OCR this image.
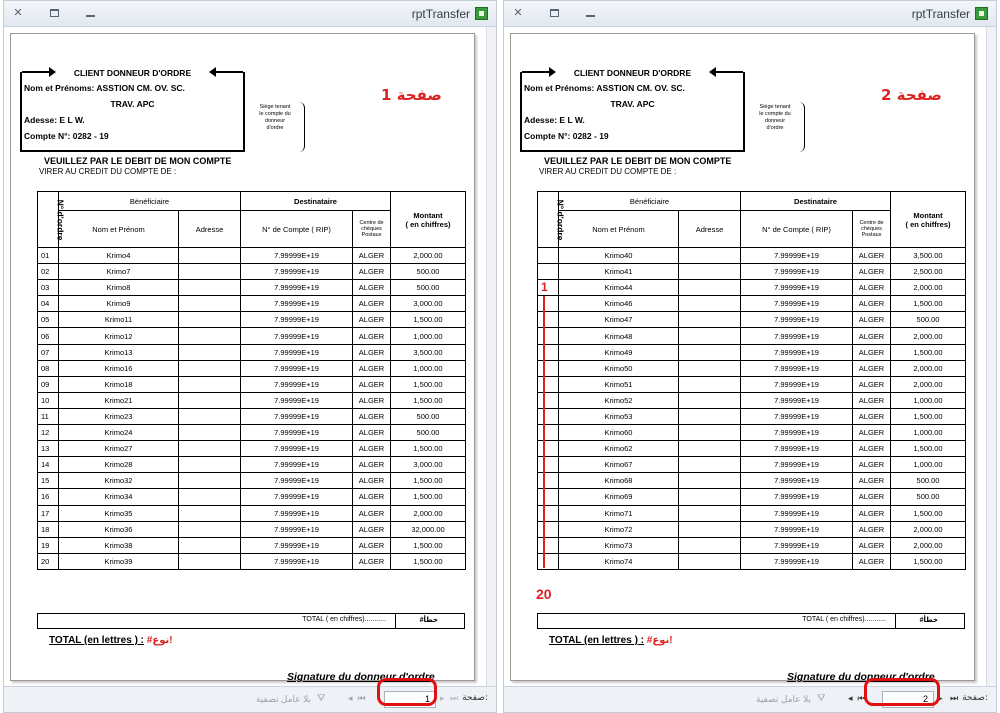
✕	rptTransfer
CLIENT DONNEUR D'ORDRE
Nom et Prénoms: ASSTION CM. OV. SC.
TRAV. APC
Adesse: E L W.
Compte N°: 0282 - 19
Siège tenant le compte du donneur d'ordre
صفحة 1
VEUILLEZ PAR LE DEBIT DE MON COMPTE
VIRER AU CREDIT DU COMPTE DE :
N° d'ordre	Bénéficiaire		Destinataire		Montant
( en chiffres)
	Nom et Prénom	Adresse	N° de Compte ( RIP)	Centre de chèques Postaux	
01	Krimo4		7.99999E+19	ALGER	2,000.00
02	Krimo7		7.99999E+19	ALGER	500.00
03	Krimo8		7.99999E+19	ALGER	500.00
04	Krimo9		7.99999E+19	ALGER	3,000.00
05	Krimo11		7.99999E+19	ALGER	1,500.00
06	Krimo12		7.99999E+19	ALGER	1,000.00
07	Krimo13		7.99999E+19	ALGER	3,500.00
08	Krimo16		7.99999E+19	ALGER	1,000.00
09	Krimo18		7.99999E+19	ALGER	1,500.00
10	Krimo21		7.99999E+19	ALGER	1,500.00
11	Krimo23		7.99999E+19	ALGER	500.00
12	Krimo24		7.99999E+19	ALGER	500.00
13	Krimo27		7.99999E+19	ALGER	1,500.00
14	Krimo28		7.99999E+19	ALGER	3,000.00
15	Krimo32		7.99999E+19	ALGER	1,500.00
16	Krimo34		7.99999E+19	ALGER	1,500.00
17	Krimo35		7.99999E+19	ALGER	2,000.00
18	Krimo36		7.99999E+19	ALGER	32,000.00
19	Krimo38		7.99999E+19	ALGER	1,500.00
20	Krimo39		7.99999E+19	ALGER	1,500.00
TOTAL ( en chiffres)...........	#خطأ
TOTAL (en lettres ) : #نوع!
Signature du donneur d'ordre
بلا عامل تصفية ⛛	◂  ⏮	1	▸ ⏭ صفحة:
✕	rptTransfer
CLIENT DONNEUR D'ORDRE
Nom et Prénoms: ASSTION CM. OV. SC.
TRAV. APC
Adesse: E L W.
Compte N°: 0282 - 19
Siège tenant le compte du donneur d'ordre
صفحة 2
VEUILLEZ PAR LE DEBIT DE MON COMPTE
VIRER AU CREDIT DU COMPTE DE :
N° d'ordre	Bénéficiaire		Destinataire		Montant
( en chiffres)
	Nom et Prénom	Adresse	N° de Compte ( RIP)	Centre de chèques Postaux	
	Krimo40		7.99999E+19	ALGER	3,500.00
	Krimo41		7.99999E+19	ALGER	2,500.00
	Krimo44		7.99999E+19	ALGER	2,000.00
	Krimo46		7.99999E+19	ALGER	1,500.00
	Krimo47		7.99999E+19	ALGER	500.00
	Krimo48		7.99999E+19	ALGER	2,000.00
	Krimo49		7.99999E+19	ALGER	1,500.00
	Krimo50		7.99999E+19	ALGER	2,000.00
	Krimo51		7.99999E+19	ALGER	2,000.00
	Krimo52		7.99999E+19	ALGER	1,000.00
	Krimo53		7.99999E+19	ALGER	1,500.00
	Krimo60		7.99999E+19	ALGER	1,000.00
	Krimo62		7.99999E+19	ALGER	1,500.00
	Krimo67		7.99999E+19	ALGER	1,000.00
	Krimo68		7.99999E+19	ALGER	500.00
	Krimo69		7.99999E+19	ALGER	500.00
	Krimo71		7.99999E+19	ALGER	1,500.00
	Krimo72		7.99999E+19	ALGER	2,000.00
	Krimo73		7.99999E+19	ALGER	2,000.00
	Krimo74		7.99999E+19	ALGER	1,500.00
TOTAL ( en chiffres)...........	#خطأ
TOTAL (en lettres ) : #نوع!
Signature du donneur d'ordre
1
20
بلا عامل تصفية ⛛	◂  ⏮	2	▸ ⏭ صفحة:
